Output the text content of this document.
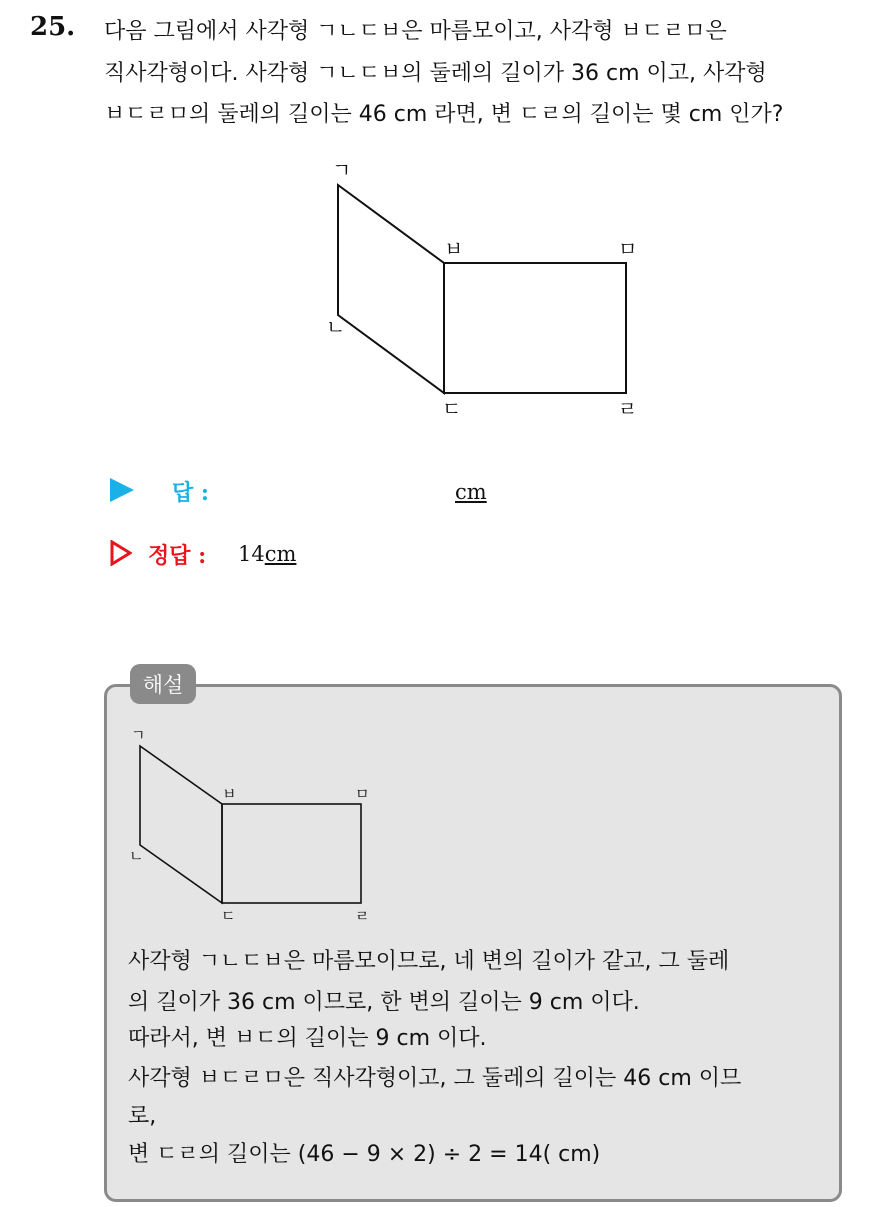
25. 다음 그림에서 사각형 ㄱㄴㄷㅂ은 마름모이고, 사각형 ㅂㄷㄹㅁ은
직사각형이다. 사각형 ㄱㄴㄷㅂ의 둘레의 길이가 36 cm 이고, 사각형
ㅂㄷㄹㅁ의 둘레의 길이는 46 cm 라면, 변 ㄷㄹ의 길이는 몇 cm 인가?
ㄱ
ㄴ
ㅂ	ㅁ
ㄷ	ㄹ
답 :	cm
정답 : 14cm
해설
ㄱ
ㄴ
ㅂ	ㅁ
ㄷ	ㄹ
사각형 ㄱㄴㄷㅂ은 마름모이므로, 네 변의 길이가 같고, 그 둘레
의 길이가 36 cm 이므로, 한 변의 길이는 9 cm 이다.
따라서, 변 ㅂㄷ의 길이는 9 cm 이다.
사각형 ㅂㄷㄹㅁ은 직사각형이고, 그 둘레의 길이는 46 cm 이므
로,
변 ㄷㄹ의 길이는 (46 − 9 × 2) ÷ 2 = 14( cm)
